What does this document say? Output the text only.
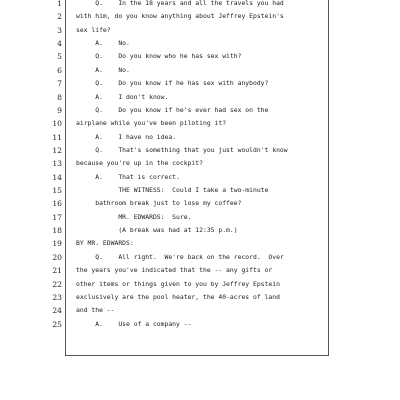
1 Q.    In the 18 years and all the travels you had
2 with him, do you know anything about Jeffrey Epstein's
3 sex life?
4 A.    No.
5 Q.    Do you know who he has sex with?
6 A.    No.
7 Q.    Do you know if he has sex with anybody?
8 A.    I don't know.
9 Q.    Do you know if he's ever had sex on the
10 airplane while you've been piloting it?
11 A.    I have no idea.
12 Q.    That's something that you just wouldn't know
13 because you're up in the cockpit?
14 A.    That is correct.
15 THE WITNESS:  Could I take a two-minute
16 bathroom break just to lose my coffee?
17 MR. EDWARDS:  Sure.
18 (A break was had at 12:35 p.m.)
19 BY MR. EDWARDS:
20 Q.    All right.  We're back on the record.  Over
21 the years you've indicated that the -- any gifts or
22 other items or things given to you by Jeffrey Epstein
23 exclusively are the pool heater, the 40-acres of land
24 and the --
25 A.    Use of a company --
